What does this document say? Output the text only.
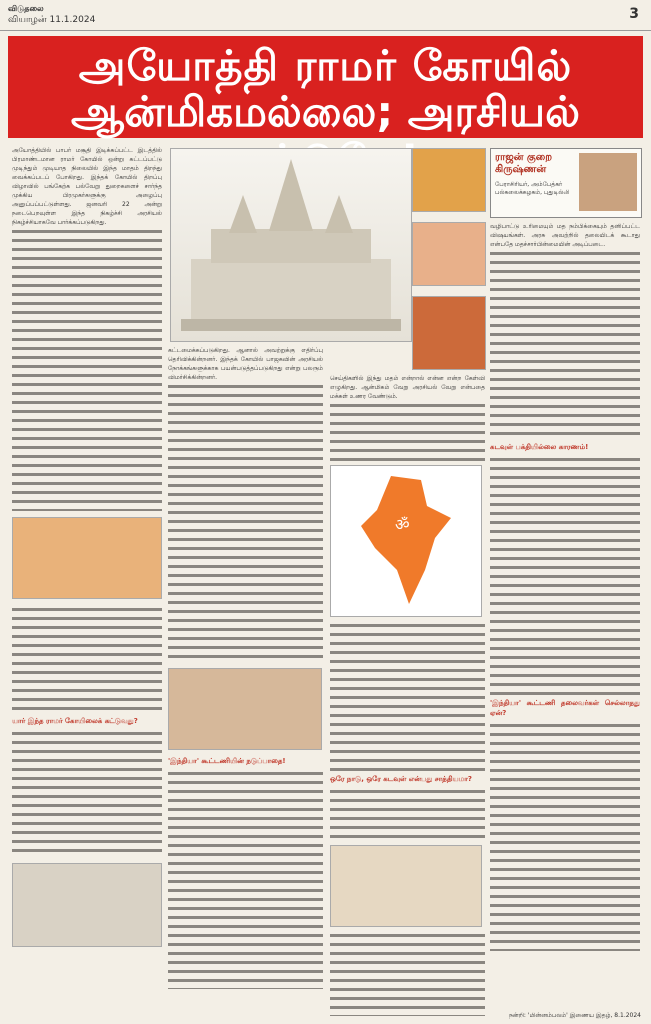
விடுதலை
வியாழன் 11.1.2024	3
அயோத்தி ராமர் கோயில்
ஆன்மிகமல்லை; அரசியல்
அயோத்தியில் பாபர் மசூதி இடிக்கப்பட்ட இடத்தில் பிரமாண்டமான ராமர் கோயில் ஒன்று கட்டப்பட்டு முடிந்தும் முடியாத நிலையில் இந்த மாதம் திறந்து வைக்கப்படப் போகிறது. இந்தக் கோயில் திறப்பு விழாவில் பங்கேற்க பல்வேறு துறைகளைச் சார்ந்த முக்கிய பிரமுகர்களுக்கு அழைப்பு அனுப்பப்பட்டுள்ளது. ஜனவரி 22 அன்று நடைபெறவுள்ள இந்த நிகழ்ச்சி அரசியல் நிகழ்ச்சியாகவே பார்க்கப்படுகிறது.
யார் இந்த ராமர் கோயிலைக் கட்டுவது?
ராஜன் குறை கிருஷ்ணன்
பேராசிரியர், அம்பேத்கர் பல்கலைக்கழகம், புதுடில்லி
கட்டமைக்கப்படுகிறது. ஆனால் அவற்றுக்கு எதிர்ப்பு தெரிவிக்கின்றனர். இந்தக் கோயில் பாஜகவின் அரசியல் நோக்கங்களுக்காக பயன்படுத்தப்படுகிறது என்று பலரும் விமர்சிக்கின்றனர்.
'இந்தியா' கூட்டணியின் நடுப்பாதை!
செய்திகளில் இந்து மதம் என்றால் என்ன என்ற கேள்வி எழுகிறது. ஆன்மிகம் வேறு அரசியல் வேறு என்பதை மக்கள் உணர வேண்டும்.
ॐ
ஒரே நாடு, ஒரே கடவுள் என்பது சாத்தியமா?
வழிபாட்டு உரிமையும் மத நம்பிக்கையும் தனிப்பட்ட விஷயங்கள். அரசு அவற்றில் தலையிடக் கூடாது என்பதே மதச்சார்பின்மையின் அடிப்படை.
கடவுள் பக்தியில்லை காரணம்!
'இந்தியா' கூட்டணி தலைவர்கள் செல்லாதது ஏன்?
நன்றி: 'மின்னம்பலம்' இணைய இதழ், 8.1.2024
